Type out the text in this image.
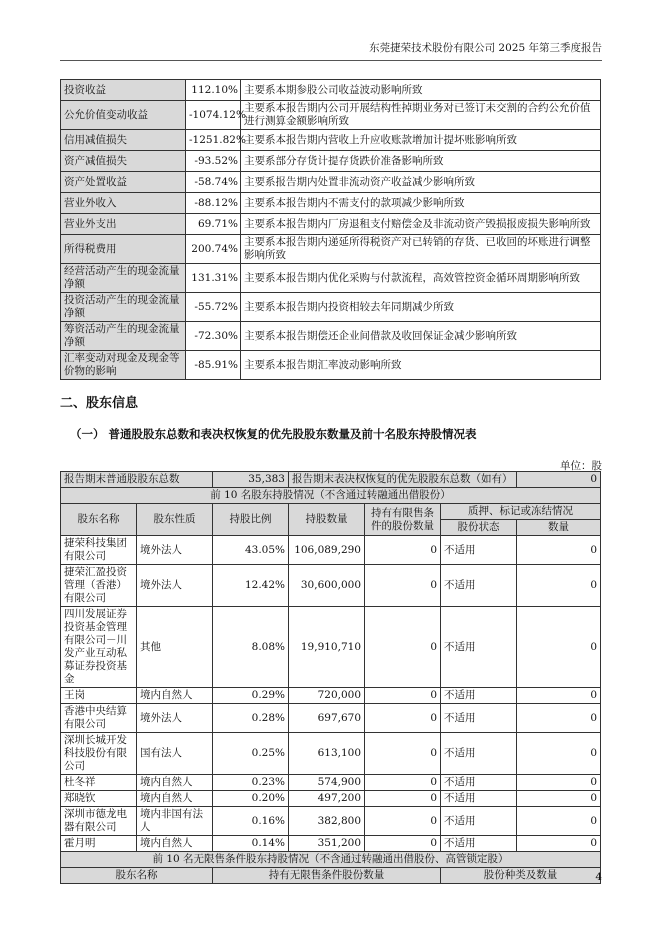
东莞捷荣技术股份有限公司 2025 年第三季度报告
投资收益	112.10%	主要系本期参股公司收益波动影响所致
公允价值变动收益	-1074.12%	主要系本报告期内公司开展结构性掉期业务对已签订未交割的合约公允价值进行测算金额影响所致
信用减值损失	-1251.82%	主要系本报告期内营收上升应收账款增加计提坏账影响所致
资产减值损失	-93.52%	主要系部分存货计提存货跌价准备影响所致
资产处置收益	-58.74%	主要系报告期内处置非流动资产收益减少影响所致
营业外收入	-88.12%	主要系本报告期内不需支付的款项减少影响所致
营业外支出	69.71%	主要系本报告期内厂房退租支付赔偿金及非流动资产毁损报废损失影响所致
所得税费用	200.74%	主要系本报告期内递延所得税资产对已转销的存货、已收回的坏账进行调整影响所致
经营活动产生的现金流量净额	131.31%	主要系本报告期内优化采购与付款流程，高效管控资金循环周期影响所致
投资活动产生的现金流量净额	-55.72%	主要系本报告期内投资相较去年同期减少所致
筹资活动产生的现金流量净额	-72.30%	主要系本报告期偿还企业间借款及收回保证金减少影响所致
汇率变动对现金及现金等价物的影响	-85.91%	主要系本报告期汇率波动影响所致
二、股东信息
（一） 普通股股东总数和表决权恢复的优先股股东数量及前十名股东持股情况表
单位：股
报告期末普通股股东总数		35,383	报告期末表决权恢复的优先股股东总数（如有）			0
前 10 名股东持股情况（不含通过转融通出借股份）						
股东名称	股东性质	持股比例	持股数量	持有有限售条件的股份数量	质押、标记或冻结情况	
					股份状态	数量
捷荣科技集团有限公司	境外法人	43.05%	106,089,290	0	不适用	0
捷荣汇盈投资管理（香港）有限公司	境外法人	12.42%	30,600,000	0	不适用	0
四川发展证券投资基金管理有限公司－川发产业互动私募证券投资基金	其他	8.08%	19,910,710	0	不适用	0
王岗	境内自然人	0.29%	720,000	0	不适用	0
香港中央结算有限公司	境外法人	0.28%	697,670	0	不适用	0
深圳长城开发科技股份有限公司	国有法人	0.25%	613,100	0	不适用	0
杜冬祥	境内自然人	0.23%	574,900	0	不适用	0
郑晓钦	境内自然人	0.20%	497,200	0	不适用	0
深圳市德龙电器有限公司	境内非国有法人	0.16%	382,800	0	不适用	0
霍月明	境内自然人	0.14%	351,200	0	不适用	0
前 10 名无限售条件股东持股情况（不含通过转融通出借股份、高管锁定股）						
股东名称		持有无限售条件股份数量			股份种类及数量		4
